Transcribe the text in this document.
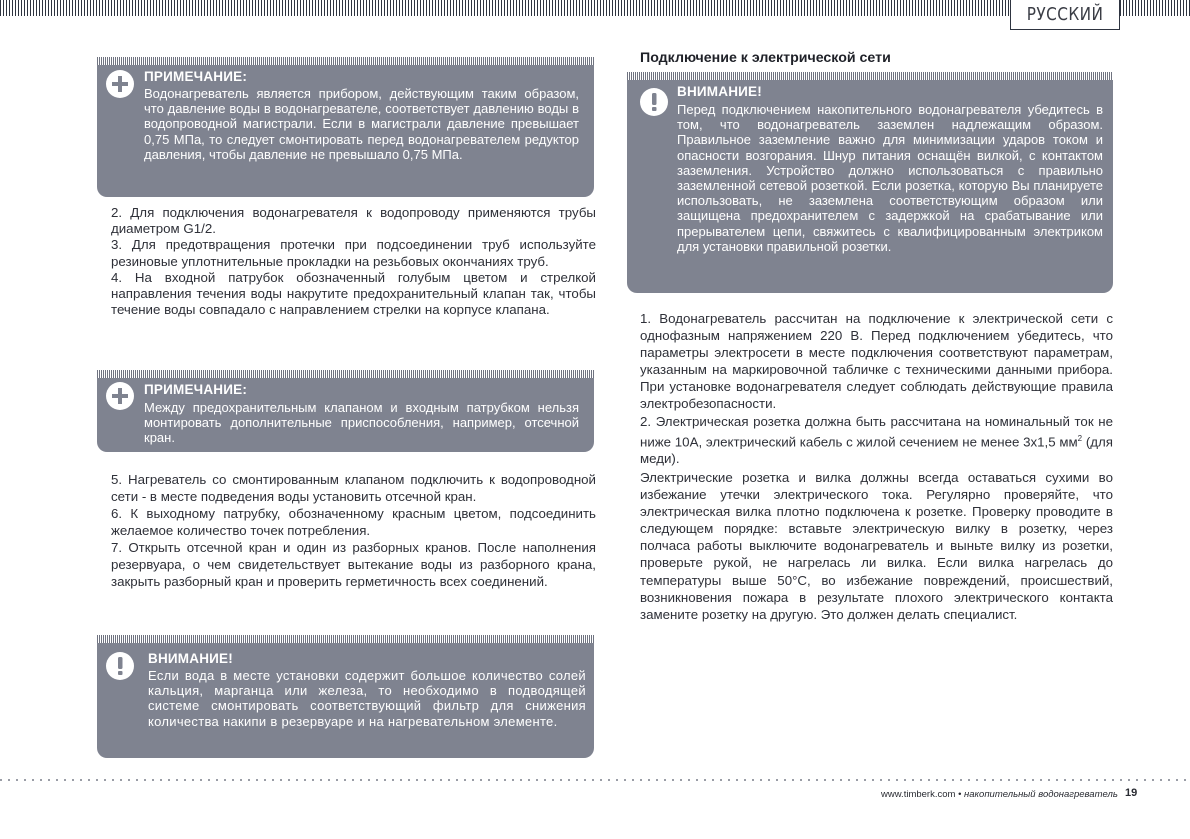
РУССКИЙ
ПРИМЕЧАНИЕ:
Водонагреватель является прибором, действующим таким образом, что давление воды в водонагревателе, соответствует давлению воды в водопроводной магистрали. Если в магистрали давление превышает 0,75 МПа, то следует смонтировать перед водонагревателем редуктор давления, чтобы давление не превышало 0,75 МПа.

2. Для подключения водонагревателя к водопроводу применяются трубы диаметром G1/2.

3. Для предотвращения протечки при подсоединении труб используйте резиновые уплотнительные прокладки на резьбовых окончаниях труб.

4. На входной патрубок обозначенный голубым цветом и стрелкой направления течения воды накрутите предохранительный клапан так, чтобы течение воды совпадало с направлением стрелки на корпусе клапана.

ПРИМЕЧАНИЕ:
Между предохранительным клапаном и входным патрубком нельзя монтировать дополнительные приспособления, например, отсечной кран.

5. Нагреватель со смонтированным клапаном подключить к водопроводной сети - в месте подведения воды установить отсечной кран.

6. К выходному патрубку, обозначенному красным цветом, подсоединить желаемое количество точек потребления.

7. Открыть отсечной кран и один из разборных кранов. После наполнения резервуара, о чем свидетельствует вытекание воды из разборного крана, закрыть разборный кран и проверить герметичность всех соединений.

ВНИМАНИЕ!
Если вода в месте установки содержит большое количество солей кальция, марганца или железа, то необходимо в подводящей системе смонтировать соответствующий фильтр для снижения количества накипи в резервуаре и на нагревательном элементе.
Подключение к электрической сети
ВНИМАНИЕ!
Перед подключением накопительного водонагревателя убедитесь в том, что водонагреватель заземлен надлежащим образом. Правильное заземление важно для минимизации ударов током и опасности возгорания. Шнур питания оснащён вилкой, с контактом заземления. Устройство должно использоваться с правильно заземленной сетевой розеткой. Если розетка, которую Вы планируете использовать, не заземлена соответствующим образом или защищена предохранителем с задержкой на срабатывание или прерывателем цепи, свяжитесь с квалифицированным электриком для установки правильной розетки.

1. Водонагреватель рассчитан на подключение к электрической сети с однофазным напряжением 220 В. Перед подключением убедитесь, что параметры электросети в месте подключения соответствуют параметрам, указанным на маркировочной табличке с техническими данными прибора. При установке водонагревателя следует соблюдать действующие правила электробезопасности.

2. Электрическая розетка должна быть рассчитана на номинальный ток не ниже 10А, электрический кабель с жилой сечением не менее 3х1,5 $мм^2$ (для меди).

Электрические розетка и вилка должны всегда оставаться сухими во избежание утечки электрического тока. Регулярно проверяйте, что электрическая вилка плотно подключена к розетке. Проверку проводите в следующем порядке: вставьте электрическую вилку в розетку, через полчаса работы выключите водонагреватель и выньте вилку из розетки, проверьте рукой, не нагрелась ли вилка. Если вилка нагрелась до температуры выше 50°С, во избежание повреждений, происшествий, возникновения пожара в результате плохого электрического контакта замените розетку на другую. Это должен делать специалист.

www.timberk.com • накопительный водонагреватель 19
